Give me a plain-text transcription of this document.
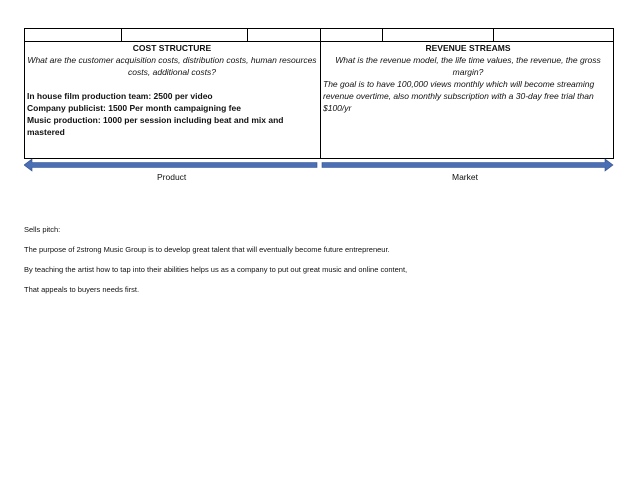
COST STRUCTURE
What are the customer acquisition costs, distribution costs, human resources costs, additional costs?
In house film production team: 2500 per video
Company publicist: 1500 Per month campaigning fee
Music production: 1000 per session including beat and mix and mastered
REVENUE STREAMS
What is the revenue model, the life time values, the revenue, the gross margin?
The goal is to have 100,000 views monthly which will become streaming revenue overtime, also monthly subscription with a 30-day free trial than $100/yr
Product	Market

Sells pitch:

The purpose of 2strong Music Group is to develop great talent that will eventually become future entrepreneur.

By teaching the artist how to tap into their abilities helps us as a company to put out great music and online content,

That appeals to buyers needs first.
